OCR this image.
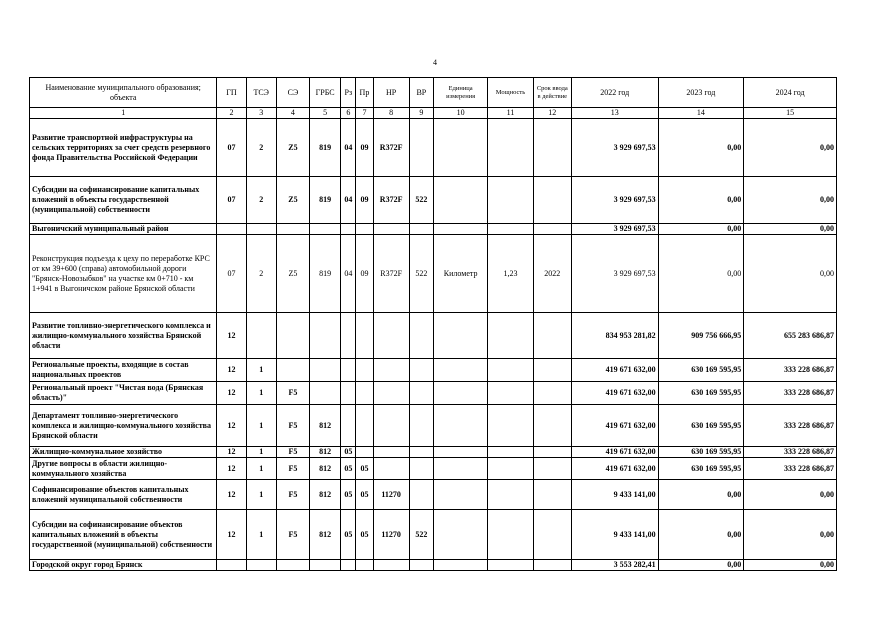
4
Наименование муниципального образования; объекта	ГП	ТСЭ	СЭ	ГРБС	Рз	Пр	НР	ВР	Единица измерения	Мощность	Срок ввода в действие	2022 год	2023 год	2024 год
1	2	3	4	5	6	7	8	9	10	11	12	13	14	15
Развитие транспортной инфраструктуры на сельских территориях за счет средств резервного фонда Правительства Российской Федерации	07	2	Z5	819	04	09	R372F					3 929 697,53	0,00	0,00
Субсидии на софинансирование капитальных вложений в объекты государственной (муниципальной) собственности	07	2	Z5	819	04	09	R372F	522				3 929 697,53	0,00	0,00
Выгоничский муниципальный район												3 929 697,53	0,00	0,00
Реконструкция подъезда к цеху по переработке КРС от км 39+600 (справа) автомобильной дороги "Брянск-Новозыбков" на участке км 0+710 - км 1+941 в Выгоничском районе Брянской области	07	2	Z5	819	04	09	R372F	522	Километр	1,23	2022	3 929 697,53	0,00	0,00
Развитие топливно-энергетического комплекса и жилищно-коммунального хозяйства Брянской области	12											834 953 281,82	909 756 666,95	655 283 686,87
Региональные проекты, входящие в состав национальных проектов	12	1										419 671 632,00	630 169 595,95	333 228 686,87
Региональный проект "Чистая вода (Брянская область)"	12	1	F5									419 671 632,00	630 169 595,95	333 228 686,87
Департамент топливно-энергетического комплекса и жилищно-коммунального хозяйства Брянской области	12	1	F5	812								419 671 632,00	630 169 595,95	333 228 686,87
Жилищно-коммунальное хозяйство	12	1	F5	812	05							419 671 632,00	630 169 595,95	333 228 686,87
Другие вопросы в области жилищно-коммунального хозяйства	12	1	F5	812	05	05						419 671 632,00	630 169 595,95	333 228 686,87
Софинансирование объектов капитальных вложений муниципальной собственности	12	1	F5	812	05	05	11270					9 433 141,00	0,00	0,00
Субсидии на софинансирование объектов капитальных вложений в объекты государственной (муниципальной) собственности	12	1	F5	812	05	05	11270	522				9 433 141,00	0,00	0,00
Городской округ город Брянск												3 553 282,41	0,00	0,00
